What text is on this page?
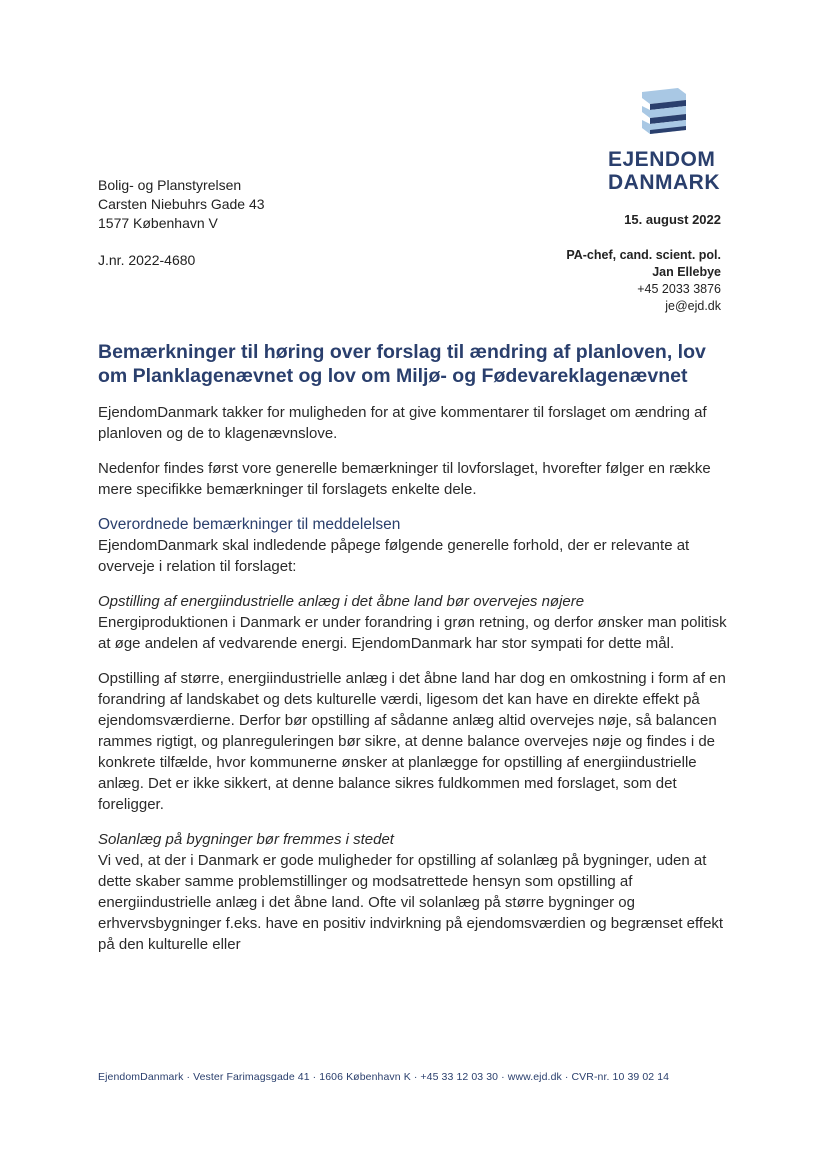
EJENDOM
DANMARK
Bolig- og Planstyrelsen
Carsten Niebuhrs Gade 43
1577 København V
J.nr. 2022-4680
15. august 2022
PA-chef, cand. scient. pol.
Jan Ellebye
+45 2033 3876
je@ejd.dk
Bemærkninger til høring over forslag til ændring af planloven, lov om Planklagenævnet og lov om Miljø- og Fødevareklagenævnet

EjendomDanmark takker for muligheden for at give kommentarer til forslaget om ændring af planloven og de to klagenævnslove.

Nedenfor findes først vore generelle bemærkninger til lovforslaget, hvorefter følger en række mere specifikke bemærkninger til forslagets enkelte dele.

Overordnede bemærkninger til meddelelsen
EjendomDanmark skal indledende påpege følgende generelle forhold, der er relevante at overveje i relation til forslaget:

Opstilling af energiindustrielle anlæg i det åbne land bør overvejes nøjere
Energiproduktionen i Danmark er under forandring i grøn retning, og derfor ønsker man politisk at øge andelen af vedvarende energi. EjendomDanmark har stor sympati for dette mål.

Opstilling af større, energiindustrielle anlæg i det åbne land har dog en omkostning i form af en forandring af landskabet og dets kulturelle værdi, ligesom det kan have en direkte effekt på ejendomsværdierne. Derfor bør opstilling af sådanne anlæg altid overvejes nøje, så balancen rammes rigtigt, og planreguleringen bør sikre, at denne balance overvejes nøje og findes i de konkrete tilfælde, hvor kommunerne ønsker at planlægge for opstilling af energiindustrielle anlæg. Det er ikke sikkert, at denne balance sikres fuldkommen med forslaget, som det foreligger.

Solanlæg på bygninger bør fremmes i stedet
Vi ved, at der i Danmark er gode muligheder for opstilling af solanlæg på bygninger, uden at dette skaber samme problemstillinger og modsatrettede hensyn som opstilling af energiindustrielle anlæg i det åbne land. Ofte vil solanlæg på større bygninger og erhvervsbygninger f.eks. have en positiv indvirkning på ejendomsværdien og begrænset effekt på den kulturelle eller

EjendomDanmark · Vester Farimagsgade 41 · 1606 København K · +45 33 12 03 30 · www.ejd.dk · CVR-nr. 10 39 02 14
